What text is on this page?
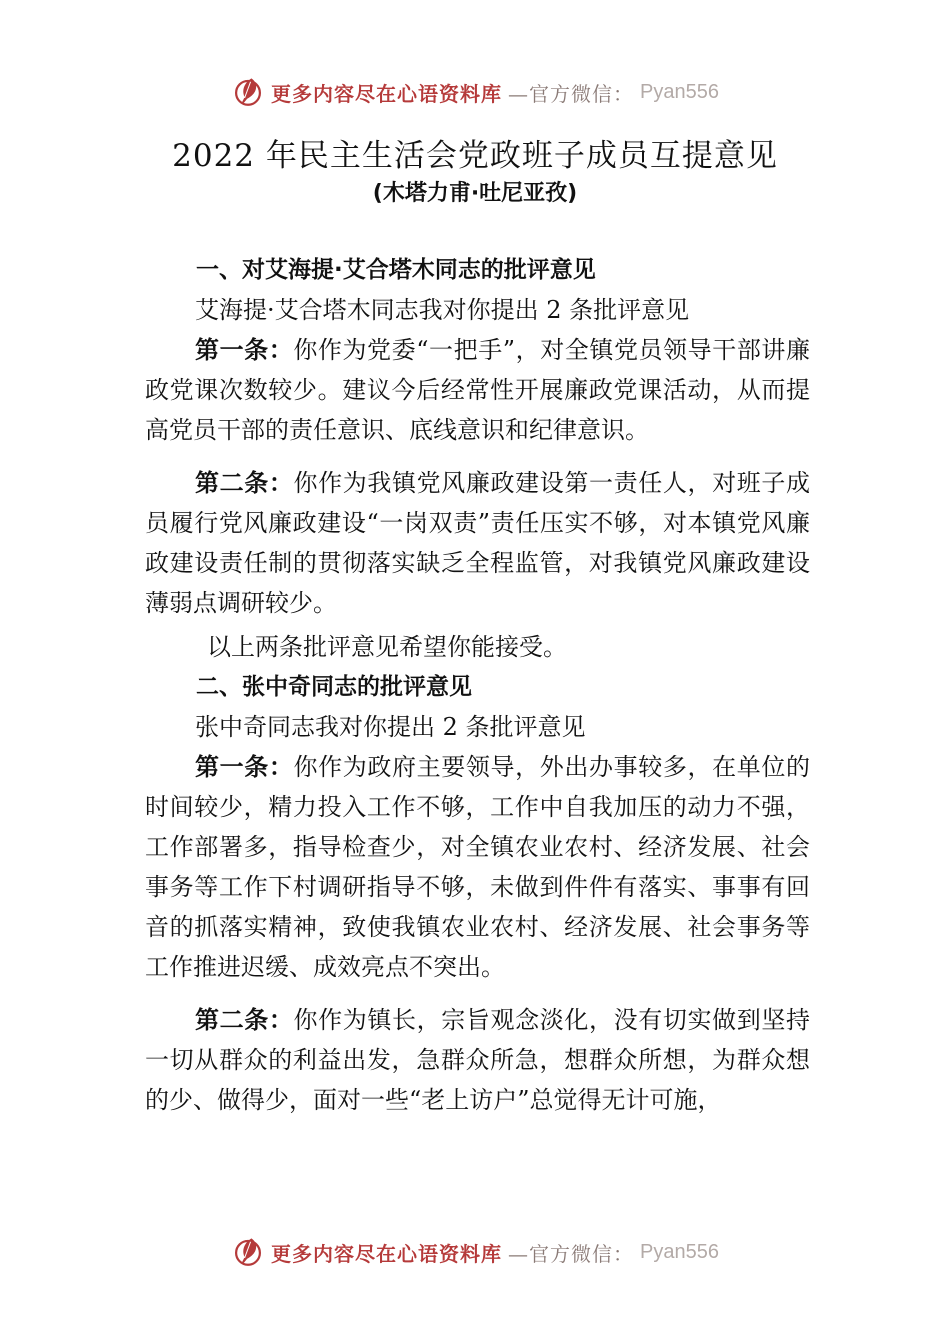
更多内容尽在心语资料库 —官方微信： Pyan556
2022 年民主生活会党政班子成员互提意见
(木塔力甫·吐尼亚孜)
一、对艾海提·艾合塔木同志的批评意见

艾海提·艾合塔木同志我对你提出 2 条批评意见

第一条：你作为党委“一把手”，对全镇党员领导干部讲廉政党课次数较少。建议今后经常性开展廉政党课活动，从而提高党员干部的责任意识、底线意识和纪律意识。

第二条：你作为我镇党风廉政建设第一责任人，对班子成员履行党风廉政建设“一岗双责”责任压实不够，对本镇党风廉政建设责任制的贯彻落实缺乏全程监管，对我镇党风廉政建设薄弱点调研较少。

以上两条批评意见希望你能接受。

二、张中奇同志的批评意见

张中奇同志我对你提出 2 条批评意见

第一条：你作为政府主要领导，外出办事较多，在单位的时间较少，精力投入工作不够，工作中自我加压的动力不强，工作部署多，指导检查少，对全镇农业农村、经济发展、社会事务等工作下村调研指导不够，未做到件件有落实、事事有回音的抓落实精神，致使我镇农业农村、经济发展、社会事务等工作推进迟缓、成效亮点不突出。

第二条：你作为镇长，宗旨观念淡化，没有切实做到坚持一切从群众的利益出发，急群众所急，想群众所想，为群众想的少、做得少，面对一些“老上访户”总觉得无计可施，

更多内容尽在心语资料库 —官方微信： Pyan556
